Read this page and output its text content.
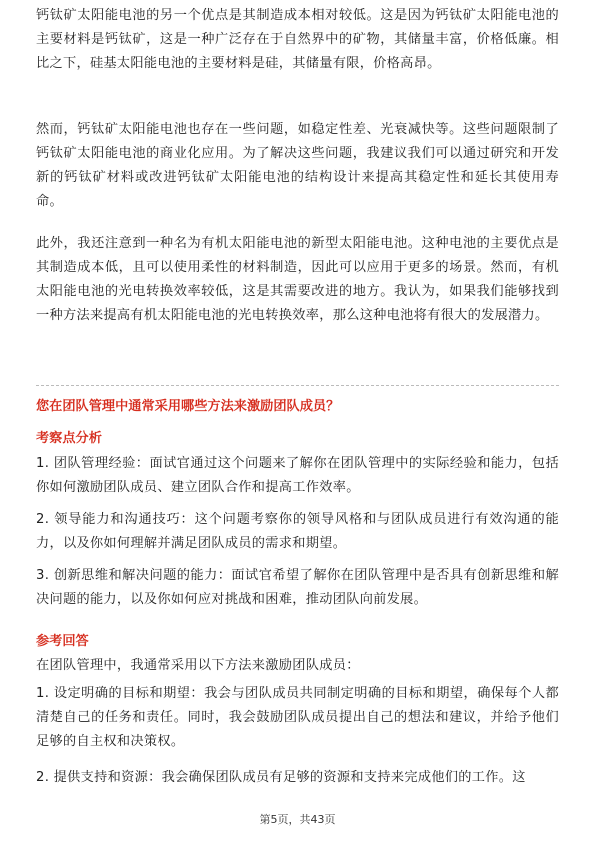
钙钛矿太阳能电池的另一个优点是其制造成本相对较低。这是因为钙钛矿太阳能电池的主要材料是钙钛矿，这是一种广泛存在于自然界中的矿物，其储量丰富，价格低廉。相比之下，硅基太阳能电池的主要材料是硅，其储量有限，价格高昂。

然而，钙钛矿太阳能电池也存在一些问题，如稳定性差、光衰减快等。这些问题限制了钙钛矿太阳能电池的商业化应用。为了解决这些问题，我建议我们可以通过研究和开发新的钙钛矿材料或改进钙钛矿太阳能电池的结构设计来提高其稳定性和延长其使用寿命。

此外，我还注意到一种名为有机太阳能电池的新型太阳能电池。这种电池的主要优点是其制造成本低，且可以使用柔性的材料制造，因此可以应用于更多的场景。然而，有机太阳能电池的光电转换效率较低，这是其需要改进的地方。我认为，如果我们能够找到一种方法来提高有机太阳能电池的光电转换效率，那么这种电池将有很大的发展潜力。

您在团队管理中通常采用哪些方法来激励团队成员？

考察点分析

1. 团队管理经验：面试官通过这个问题来了解你在团队管理中的实际经验和能力，包括你如何激励团队成员、建立团队合作和提高工作效率。

2. 领导能力和沟通技巧：这个问题考察你的领导风格和与团队成员进行有效沟通的能力，以及你如何理解并满足团队成员的需求和期望。

3. 创新思维和解决问题的能力：面试官希望了解你在团队管理中是否具有创新思维和解决问题的能力，以及你如何应对挑战和困难，推动团队向前发展。

参考回答

在团队管理中，我通常采用以下方法来激励团队成员：

1. 设定明确的目标和期望：我会与团队成员共同制定明确的目标和期望，确保每个人都清楚自己的任务和责任。同时，我会鼓励团队成员提出自己的想法和建议，并给予他们足够的自主权和决策权。

2. 提供支持和资源：我会确保团队成员有足够的资源和支持来完成他们的工作。这

第5页，共43页
